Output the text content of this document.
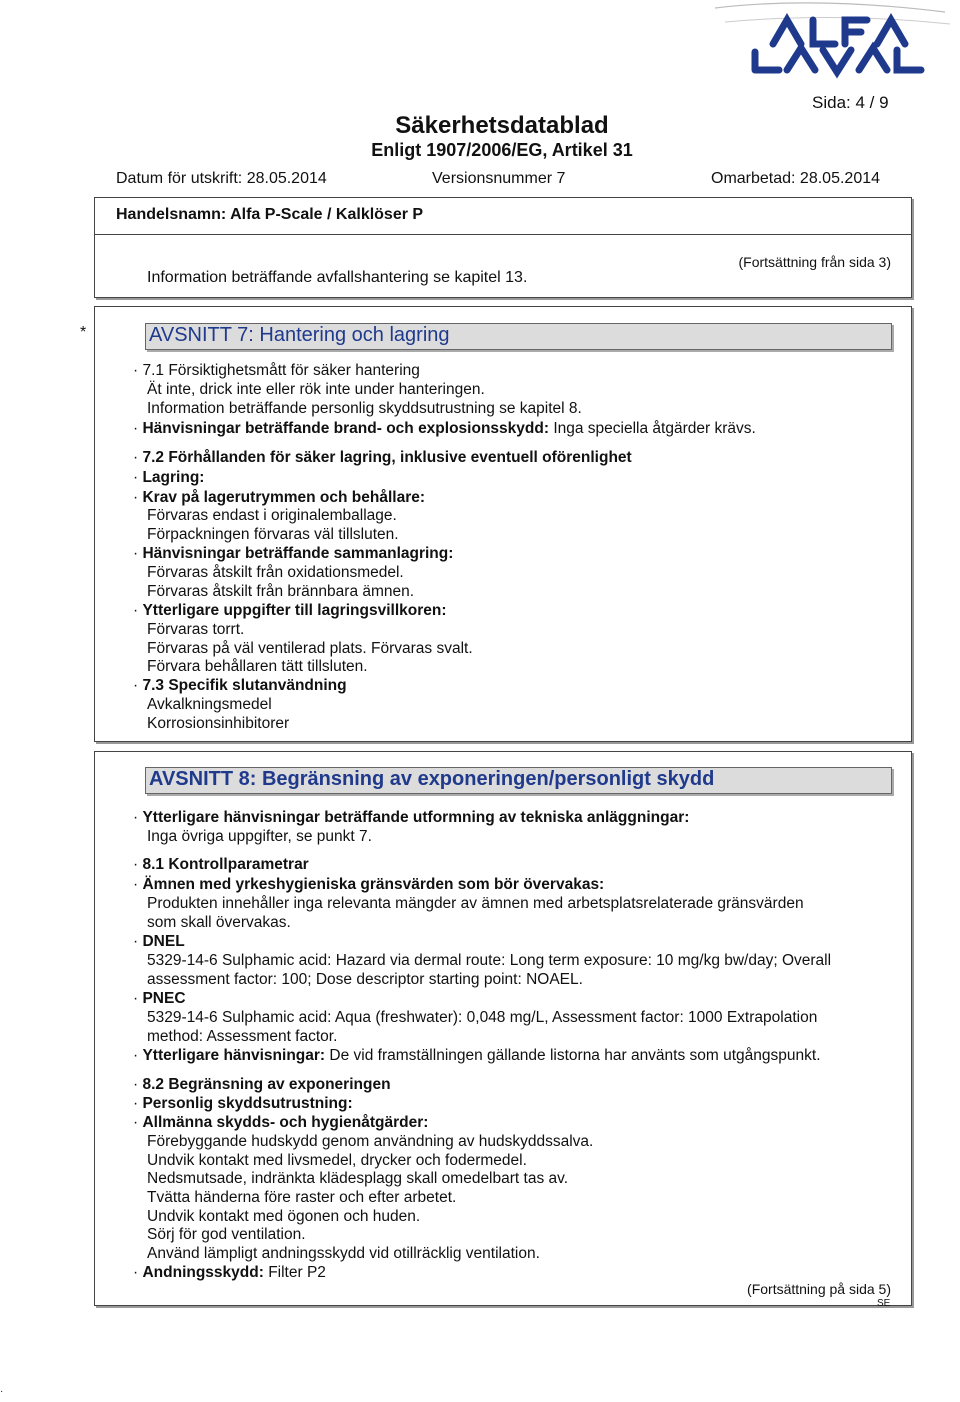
Sida: 4 / 9
Säkerhetsdatablad
Enligt 1907/2006/EG, Artikel 31
Datum för utskrift: 28.05.2014	Versionsnummer 7	Omarbetad: 28.05.2014
(Fortsättning från sida 3)
Information beträffande avfallshantering se kapitel 13.
Handelsnamn: Alfa P-Scale / Kalklöser P
*	AVSNITT 7: Hantering och lagring
· 7.1 Försiktighetsmått för säker hantering
Ät inte, drick inte eller rök inte under hanteringen.
Information beträffande personlig skyddsutrustning se kapitel 8.
· Hänvisningar beträffande brand- och explosionsskydd: Inga speciella åtgärder krävs.
· 7.2 Förhållanden för säker lagring, inklusive eventuell oförenlighet
· Lagring:
· Krav på lagerutrymmen och behållare:
Förvaras endast i originalemballage.
Förpackningen förvaras väl tillsluten.
· Hänvisningar beträffande sammanlagring:
Förvaras åtskilt från oxidationsmedel.
Förvaras åtskilt från brännbara ämnen.
· Ytterligare uppgifter till lagringsvillkoren:
Förvaras torrt.
Förvaras på väl ventilerad plats. Förvaras svalt.
Förvara behållaren tätt tillsluten.
· 7.3 Specifik slutanvändning
Avkalkningsmedel
Korrosionsinhibitorer
AVSNITT 8: Begränsning av exponeringen/personligt skydd
· Ytterligare hänvisningar beträffande utformning av tekniska anläggningar:
Inga övriga uppgifter, se punkt 7.
· 8.1 Kontrollparametrar
· Ämnen med yrkeshygieniska gränsvärden som bör övervakas:
Produkten innehåller inga relevanta mängder av ämnen med arbetsplatsrelaterade gränsvärden
som skall övervakas.
· DNEL
5329-14-6 Sulphamic acid: Hazard via dermal route: Long term exposure: 10 mg/kg bw/day; Overall
assessment factor: 100; Dose descriptor starting point: NOAEL.
· PNEC
5329-14-6 Sulphamic acid: Aqua (freshwater): 0,048 mg/L, Assessment factor: 1000 Extrapolation
method: Assessment factor.
· Ytterligare hänvisningar: De vid framställningen gällande listorna har använts som utgångspunkt.
· 8.2 Begränsning av exponeringen
· Personlig skyddsutrustning:
· Allmänna skydds- och hygienåtgärder:
Förebyggande hudskydd genom användning av hudskyddssalva.
Undvik kontakt med livsmedel, drycker och fodermedel.
Nedsmutsade, indränkta klädesplagg skall omedelbart tas av.
Tvätta händerna före raster och efter arbetet.
Undvik kontakt med ögonen och huden.
Sörj för god ventilation.
Använd lämpligt andningsskydd vid otillräcklig ventilation.
· Andningsskydd: Filter P2
(Fortsättning på sida 5)
SE
·
